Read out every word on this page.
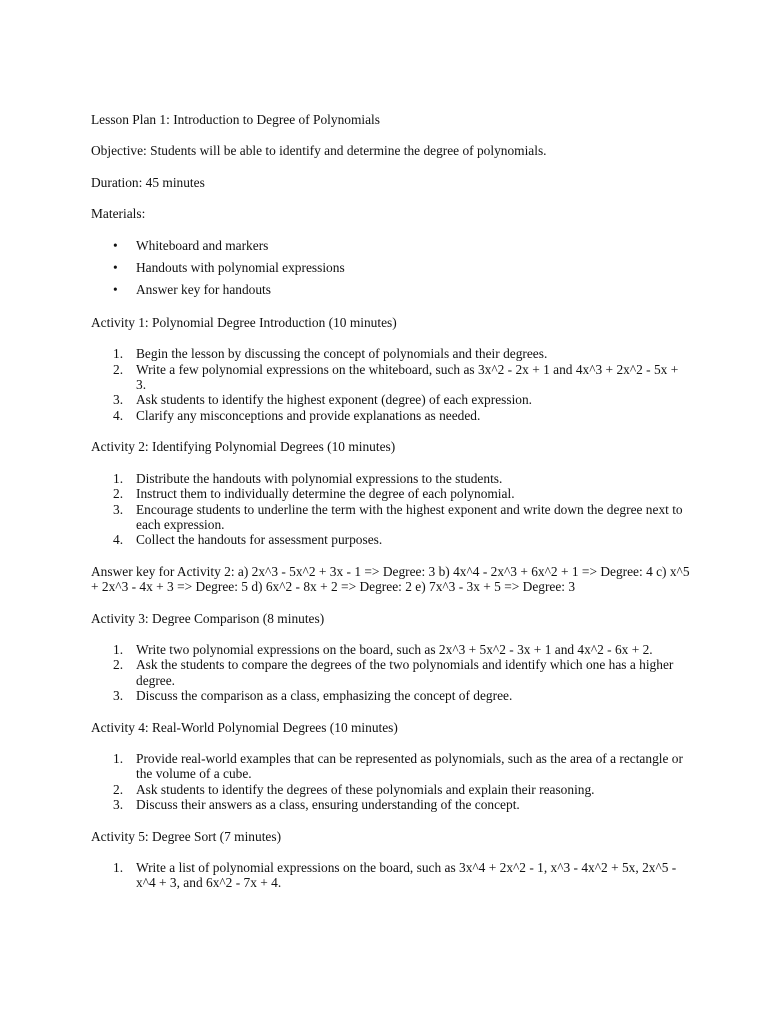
Lesson Plan 1: Introduction to Degree of Polynomials

Objective: Students will be able to identify and determine the degree of polynomials.

Duration: 45 minutes

Materials:

• Whiteboard and markers
• Handouts with polynomial expressions
• Answer key for handouts

Activity 1: Polynomial Degree Introduction (10 minutes)

1. Begin the lesson by discussing the concept of polynomials and their degrees.
2. Write a few polynomial expressions on the whiteboard, such as 3x^2 - 2x + 1 and 4x^3 + 2x^2 - 5x + 3.
3. Ask students to identify the highest exponent (degree) of each expression.
4. Clarify any misconceptions and provide explanations as needed.

Activity 2: Identifying Polynomial Degrees (10 minutes)

1. Distribute the handouts with polynomial expressions to the students.
2. Instruct them to individually determine the degree of each polynomial.
3. Encourage students to underline the term with the highest exponent and write down the degree next to each expression.
4. Collect the handouts for assessment purposes.

Answer key for Activity 2: a) 2x^3 - 5x^2 + 3x - 1 => Degree: 3 b) 4x^4 - 2x^3 + 6x^2 + 1 => Degree: 4 c) x^5 + 2x^3 - 4x + 3 => Degree: 5 d) 6x^2 - 8x + 2 => Degree: 2 e) 7x^3 - 3x + 5 => Degree: 3

Activity 3: Degree Comparison (8 minutes)

1. Write two polynomial expressions on the board, such as 2x^3 + 5x^2 - 3x + 1 and 4x^2 - 6x + 2.
2. Ask the students to compare the degrees of the two polynomials and identify which one has a higher degree.
3. Discuss the comparison as a class, emphasizing the concept of degree.

Activity 4: Real-World Polynomial Degrees (10 minutes)

1. Provide real-world examples that can be represented as polynomials, such as the area of a rectangle or the volume of a cube.
2. Ask students to identify the degrees of these polynomials and explain their reasoning.
3. Discuss their answers as a class, ensuring understanding of the concept.

Activity 5: Degree Sort (7 minutes)

1. Write a list of polynomial expressions on the board, such as 3x^4 + 2x^2 - 1, x^3 - 4x^2 + 5x, 2x^5 - x^4 + 3, and 6x^2 - 7x + 4.
